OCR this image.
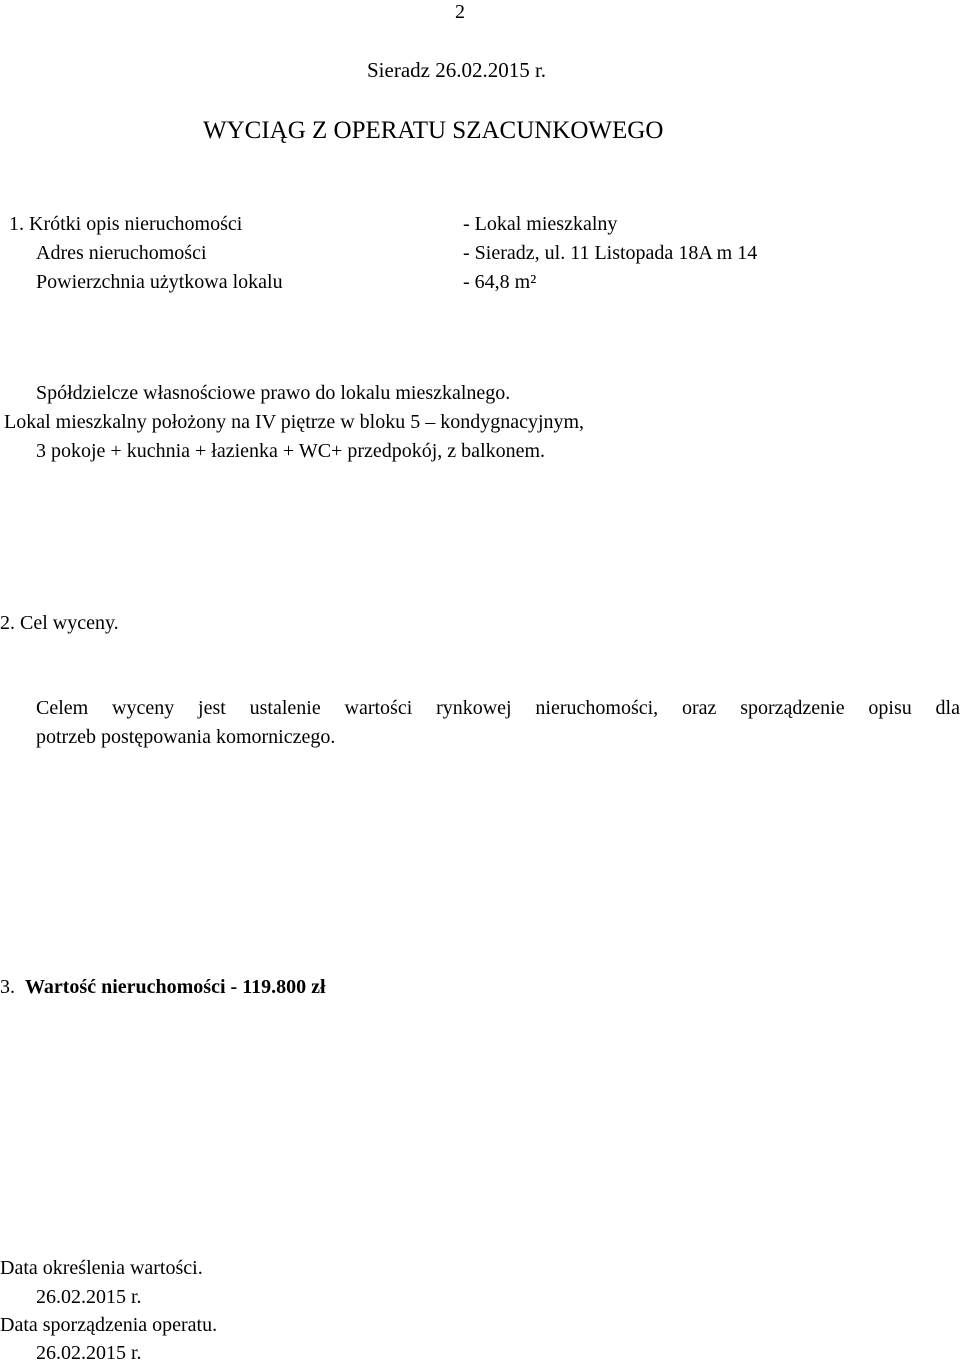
2
Sieradz 26.02.2015 r.
WYCIĄG Z OPERATU SZACUNKOWEGO
1. Krótki opis nieruchomości	- Lokal mieszkalny
Adres nieruchomości	- Sieradz, ul. 11 Listopada 18A m 14
Powierzchnia użytkowa lokalu	- 64,8 m²
Spółdzielcze własnościowe prawo do lokalu mieszkalnego.
Lokal mieszkalny położony na IV piętrze w bloku 5 – kondygnacyjnym,
3 pokoje + kuchnia + łazienka + WC+ przedpokój, z balkonem.
2. Cel wyceny.
Celem wyceny jest ustalenie wartości rynkowej nieruchomości, oraz sporządzenie opisu dla
potrzeb postępowania komorniczego.
3. Wartość nieruchomości - 119.800 zł
Data określenia wartości.
26.02.2015 r.
Data sporządzenia operatu.
26.02.2015 r.
